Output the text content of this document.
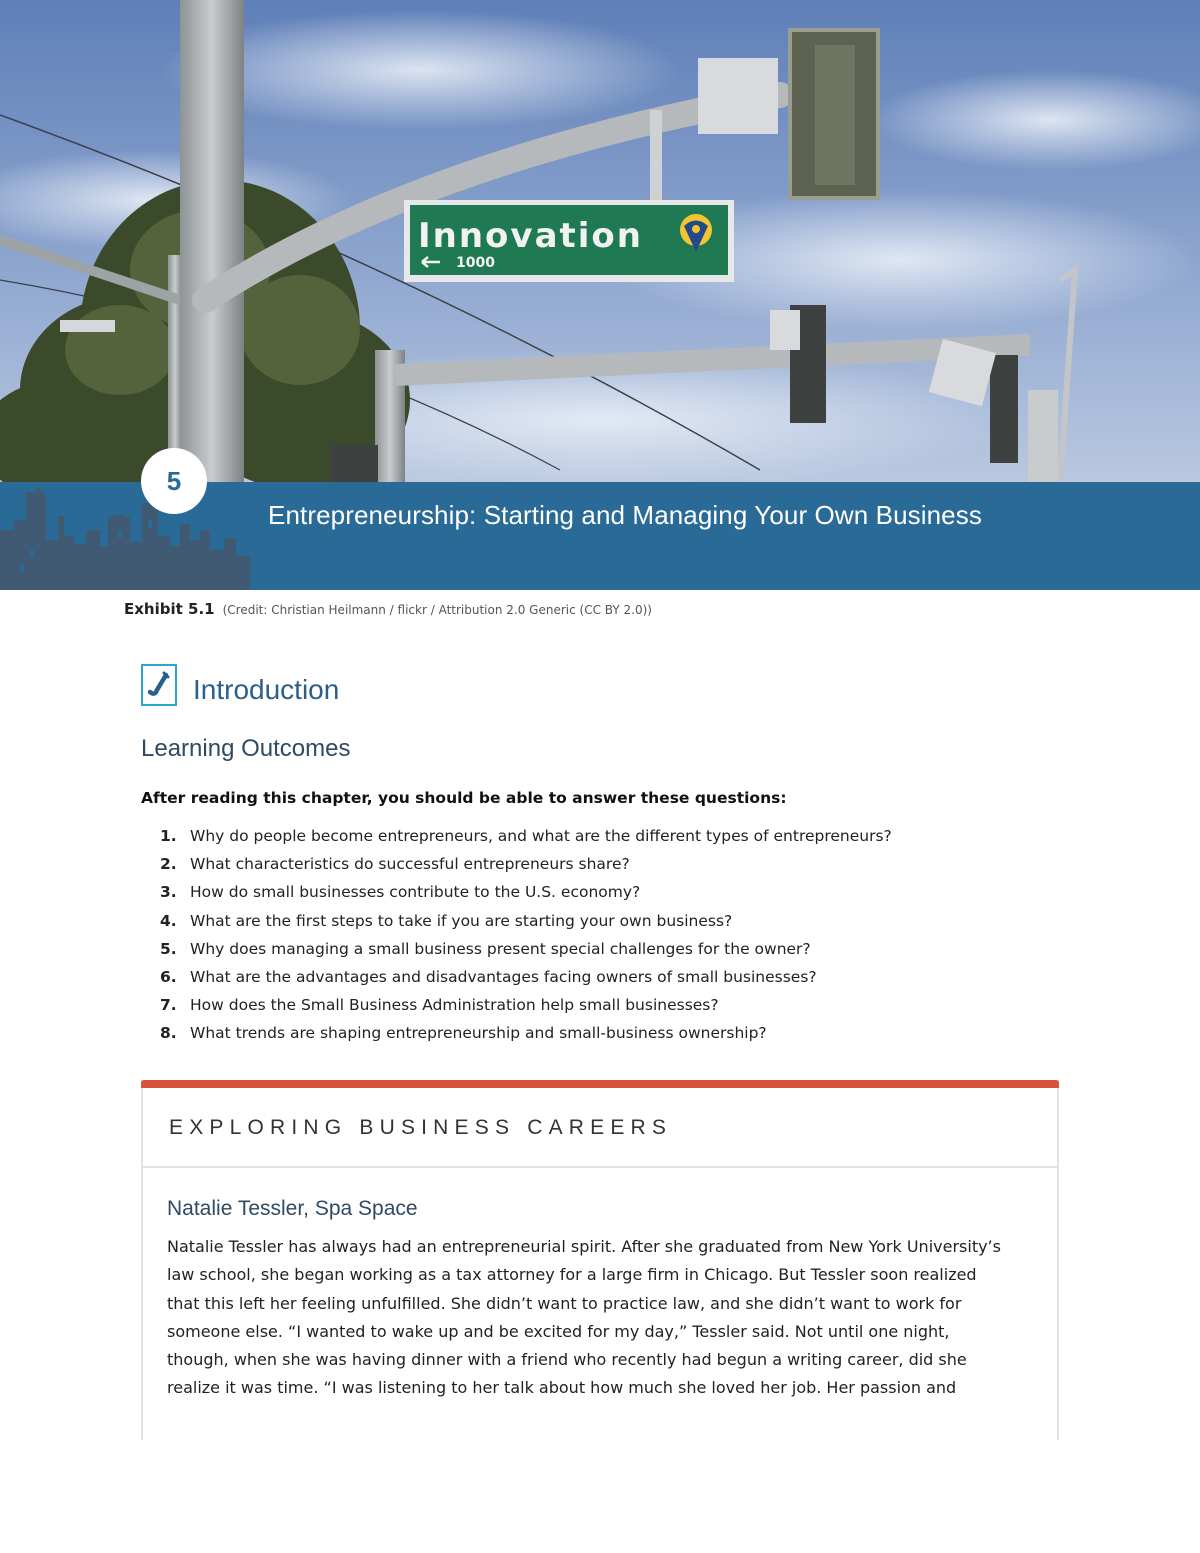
Innovation
1000
5
Entrepreneurship: Starting and Managing Your Own Business
Exhibit 5.1 (Credit: Christian Heilmann / flickr / Attribution 2.0 Generic (CC BY 2.0))
Introduction
Learning Outcomes
After reading this chapter, you should be able to answer these questions:
1. Why do people become entrepreneurs, and what are the different types of entrepreneurs?
2. What characteristics do successful entrepreneurs share?
3. How do small businesses contribute to the U.S. economy?
4. What are the first steps to take if you are starting your own business?
5. Why does managing a small business present special challenges for the owner?
6. What are the advantages and disadvantages facing owners of small businesses?
7. How does the Small Business Administration help small businesses?
8. What trends are shaping entrepreneurship and small-business ownership?
EXPLORING BUSINESS CAREERS
Natalie Tessler, Spa Space

Natalie Tessler has always had an entrepreneurial spirit. After she graduated from New York University’s
law school, she began working as a tax attorney for a large firm in Chicago. But Tessler soon realized
that this left her feeling unfulfilled. She didn’t want to practice law, and she didn’t want to work for
someone else. “I wanted to wake up and be excited for my day,” Tessler said. Not until one night,
though, when she was having dinner with a friend who recently had begun a writing career, did she
realize it was time. “I was listening to her talk about how much she loved her job. Her passion and
